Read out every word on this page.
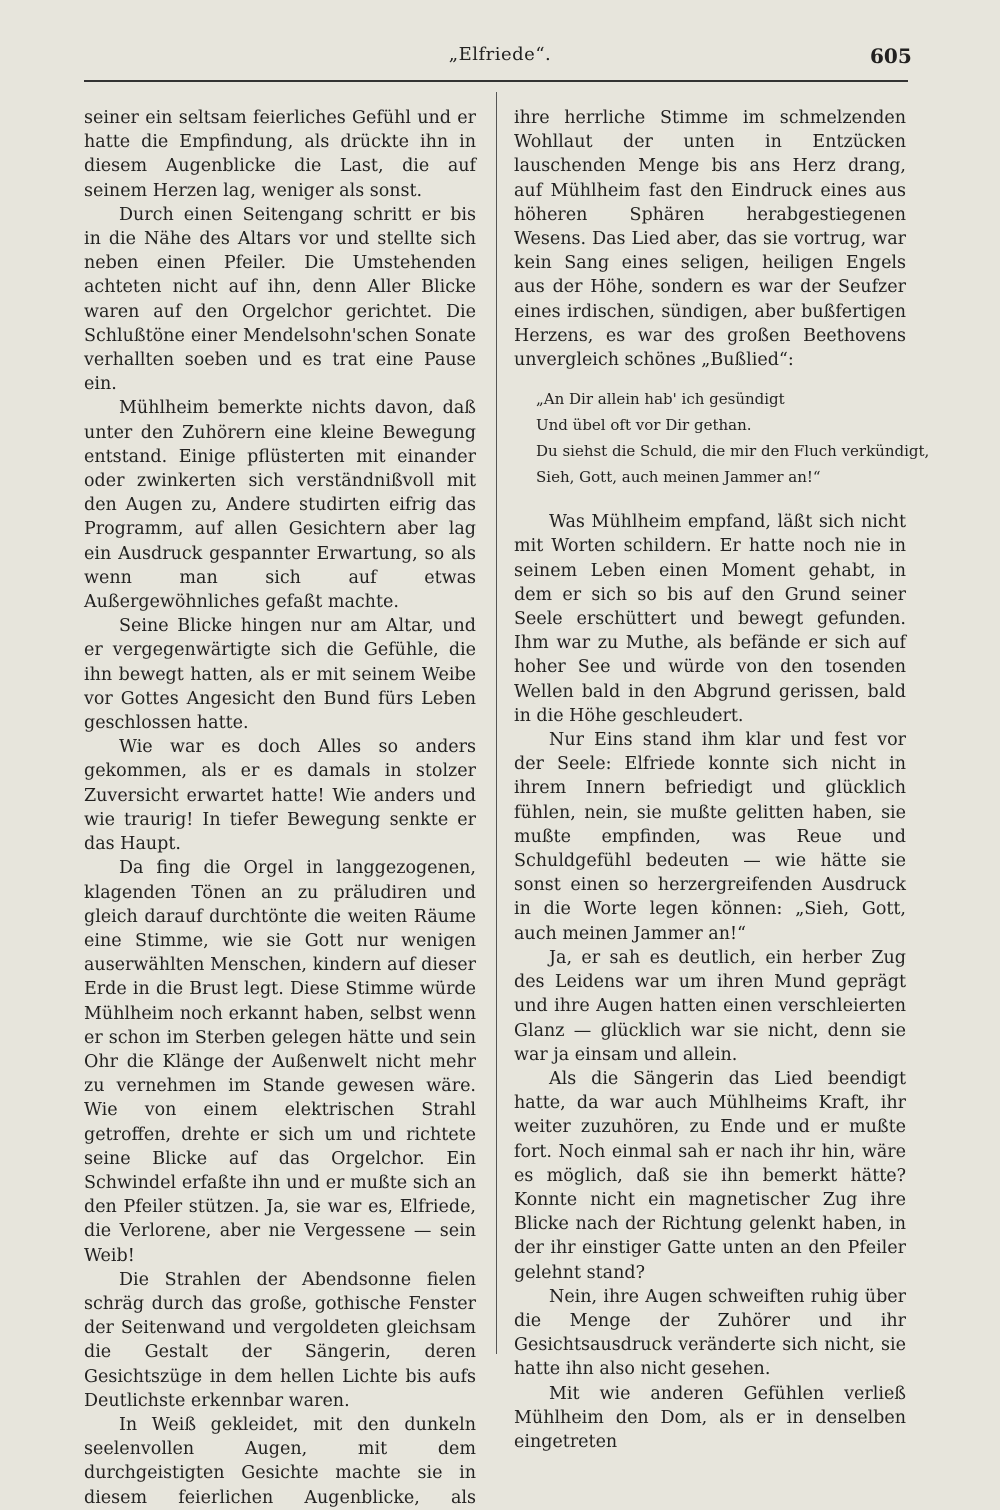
„Elfriede“.	605

seiner ein seltsam feierliches Gefühl und er hatte die Empfindung, als drückte ihn in diesem Augenblicke die Last, die auf seinem Herzen lag, weniger als sonst.

Durch einen Seitengang schritt er bis in die Nähe des Altars vor und stellte sich neben einen Pfeiler. Die Umstehenden achteten nicht auf ihn, denn Aller Blicke waren auf den Orgelchor gerichtet. Die Schlußtöne einer Mendelsohn'schen Sonate verhallten soeben und es trat eine Pause ein.

Mühlheim bemerkte nichts davon, daß unter den Zuhörern eine kleine Bewegung entstand. Einige pflüsterten mit einander oder zwinkerten sich verständnißvoll mit den Augen zu, Andere studirten eifrig das Programm, auf allen Gesichtern aber lag ein Ausdruck gespannter Erwartung, so als wenn man sich auf etwas Außergewöhnliches gefaßt machte.

Seine Blicke hingen nur am Altar, und er vergegenwärtigte sich die Gefühle, die ihn bewegt hatten, als er mit seinem Weibe vor Gottes Angesicht den Bund fürs Leben geschlossen hatte.

Wie war es doch Alles so anders gekommen, als er es damals in stolzer Zuversicht erwartet hatte! Wie anders und wie traurig! In tiefer Bewegung senkte er das Haupt.

Da fing die Orgel in langgezogenen, klagenden Tönen an zu präludiren und gleich darauf durchtönte die weiten Räume eine Stimme, wie sie Gott nur wenigen auserwählten Menschen, kindern auf dieser Erde in die Brust legt. Diese Stimme würde Mühlheim noch erkannt haben, selbst wenn er schon im Sterben gelegen hätte und sein Ohr die Klänge der Außenwelt nicht mehr zu vernehmen im Stande gewesen wäre. Wie von einem elektrischen Strahl getroffen, drehte er sich um und richtete seine Blicke auf das Orgelchor. Ein Schwindel erfaßte ihn und er mußte sich an den Pfeiler stützen. Ja, sie war es, Elfriede, die Verlorene, aber nie Vergessene — sein Weib!

Die Strahlen der Abendsonne fielen schräg durch das große, gothische Fenster der Seitenwand und vergoldeten gleichsam die Gestalt der Sängerin, deren Gesichtszüge in dem hellen Lichte bis aufs Deutlichste erkennbar waren.

In Weiß gekleidet, mit den dunkeln seelenvollen Augen, mit dem durchgeistigten Gesichte machte sie in diesem feierlichen Augenblicke, als

ihre herrliche Stimme im schmelzenden Wohllaut der unten in Entzücken lauschenden Menge bis ans Herz drang, auf Mühlheim fast den Eindruck eines aus höheren Sphären herabgestiegenen Wesens. Das Lied aber, das sie vortrug, war kein Sang eines seligen, heiligen Engels aus der Höhe, sondern es war der Seufzer eines irdischen, sündigen, aber bußfertigen Herzens, es war des großen Beethovens unvergleich schönes „Bußlied“:

„An Dir allein hab' ich gesündigt
Und übel oft vor Dir gethan.
Du siehst die Schuld, die mir den Fluch verkündigt,
Sieh, Gott, auch meinen Jammer an!“

Was Mühlheim empfand, läßt sich nicht mit Worten schildern. Er hatte noch nie in seinem Leben einen Moment gehabt, in dem er sich so bis auf den Grund seiner Seele erschüttert und bewegt gefunden. Ihm war zu Muthe, als befände er sich auf hoher See und würde von den tosenden Wellen bald in den Abgrund gerissen, bald in die Höhe geschleudert.

Nur Eins stand ihm klar und fest vor der Seele: Elfriede konnte sich nicht in ihrem Innern befriedigt und glücklich fühlen, nein, sie mußte gelitten haben, sie mußte empfinden, was Reue und Schuldgefühl bedeuten — wie hätte sie sonst einen so herzergreifenden Ausdruck in die Worte legen können: „Sieh, Gott, auch meinen Jammer an!“

Ja, er sah es deutlich, ein herber Zug des Leidens war um ihren Mund geprägt und ihre Augen hatten einen verschleierten Glanz — glücklich war sie nicht, denn sie war ja einsam und allein.

Als die Sängerin das Lied beendigt hatte, da war auch Mühlheims Kraft, ihr weiter zuzuhören, zu Ende und er mußte fort. Noch einmal sah er nach ihr hin, wäre es möglich, daß sie ihn bemerkt hätte? Konnte nicht ein magnetischer Zug ihre Blicke nach der Richtung gelenkt haben, in der ihr einstiger Gatte unten an den Pfeiler gelehnt stand?

Nein, ihre Augen schweiften ruhig über die Menge der Zuhörer und ihr Gesichtsausdruck veränderte sich nicht, sie hatte ihn also nicht gesehen.

Mit wie anderen Gefühlen verließ Mühlheim den Dom, als er in denselben eingetreten
